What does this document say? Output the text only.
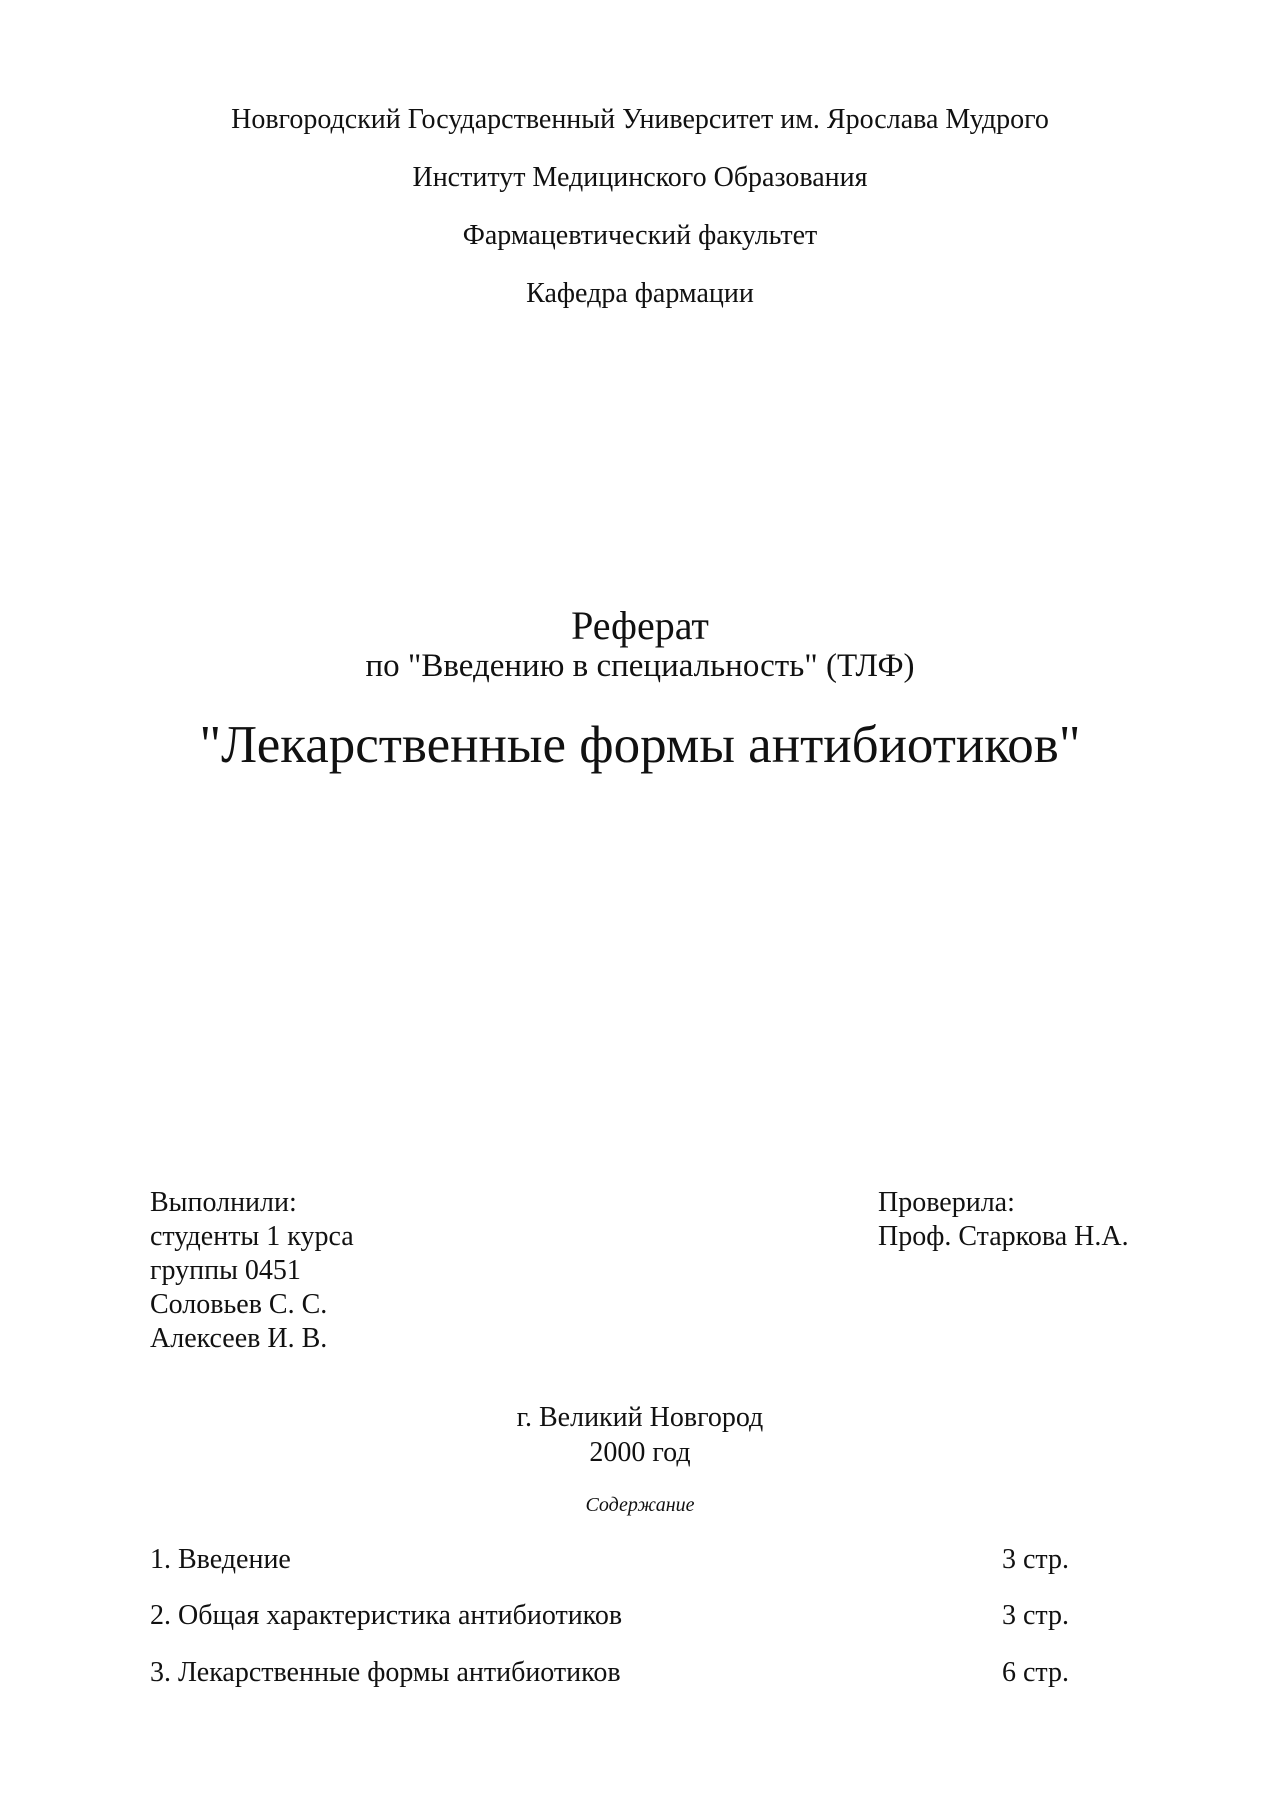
Новгородский Государственный Университет им. Ярослава Мудрого
Институт Медицинского Образования
Фармацевтический факультет
Кафедра фармации
Реферат
по "Введению в специальность" (ТЛФ)
"Лекарственные формы антибиотиков"
Выполнили:
студенты 1 курса
группы 0451
Соловьев С. С.
Алексеев И. В.
Проверила:
Проф. Старкова Н.А.
г. Великий Новгород
2000 год
Содержание
1. Введение	3 стр.
2. Общая характеристика антибиотиков	3 стр.
3. Лекарственные формы антибиотиков	6 стр.
